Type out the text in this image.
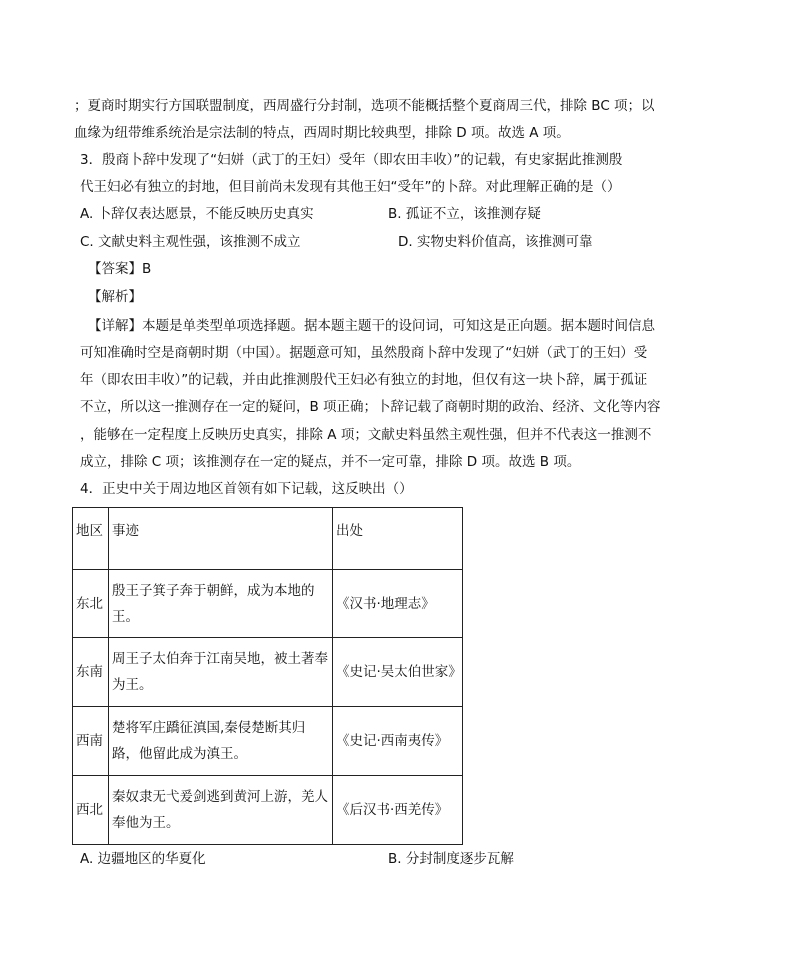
；夏商时期实行方国联盟制度，西周盛行分封制，选项不能概括整个夏商周三代，排除 BC 项；以
血缘为纽带维系统治是宗法制的特点，西周时期比较典型，排除 D 项。故选 A 项。
3．殷商卜辞中发现了“妇姘（武丁的王妇）受年（即农田丰收）”的记载，有史家据此推测殷
代王妇必有独立的封地，但目前尚未发现有其他王妇“受年”的卜辞。对此理解正确的是（）
A. 卜辞仅表达愿景，不能反映历史真实	B. 孤证不立，该推测存疑
C. 文献史料主观性强，该推测不成立	D. 实物史料价值高，该推测可靠
【答案】B
【解析】
【详解】本题是单类型单项选择题。据本题主题干的设问词，可知这是正向题。据本题时间信息
可知准确时空是商朝时期（中国）。据题意可知，虽然殷商卜辞中发现了“妇姘（武丁的王妇）受
年（即农田丰收）”的记载，并由此推测殷代王妇必有独立的封地，但仅有这一块卜辞，属于孤证
不立，所以这一推测存在一定的疑问，B 项正确；卜辞记载了商朝时期的政治、经济、文化等内容
，能够在一定程度上反映历史真实，排除 A 项；文献史料虽然主观性强，但并不代表这一推测不
成立，排除 C 项；该推测存在一定的疑点，并不一定可靠，排除 D 项。故选 B 项。
4．正史中关于周边地区首领有如下记载，这反映出（）
地区	事迹	出处
东北	殷王子箕子奔于朝鲜，成为本地的王。	《汉书·地理志》
东南	周王子太伯奔于江南吴地，被土著奉为王。	《史记·吴太伯世家》
西南	楚将军庄蹻征滇国,秦侵楚断其归路，他留此成为滇王。	《史记·西南夷传》
西北	秦奴隶无弋爰剑逃到黄河上游，羌人奉他为王。	《后汉书·西羌传》
A. 边疆地区的华夏化	B. 分封制度逐步瓦解
